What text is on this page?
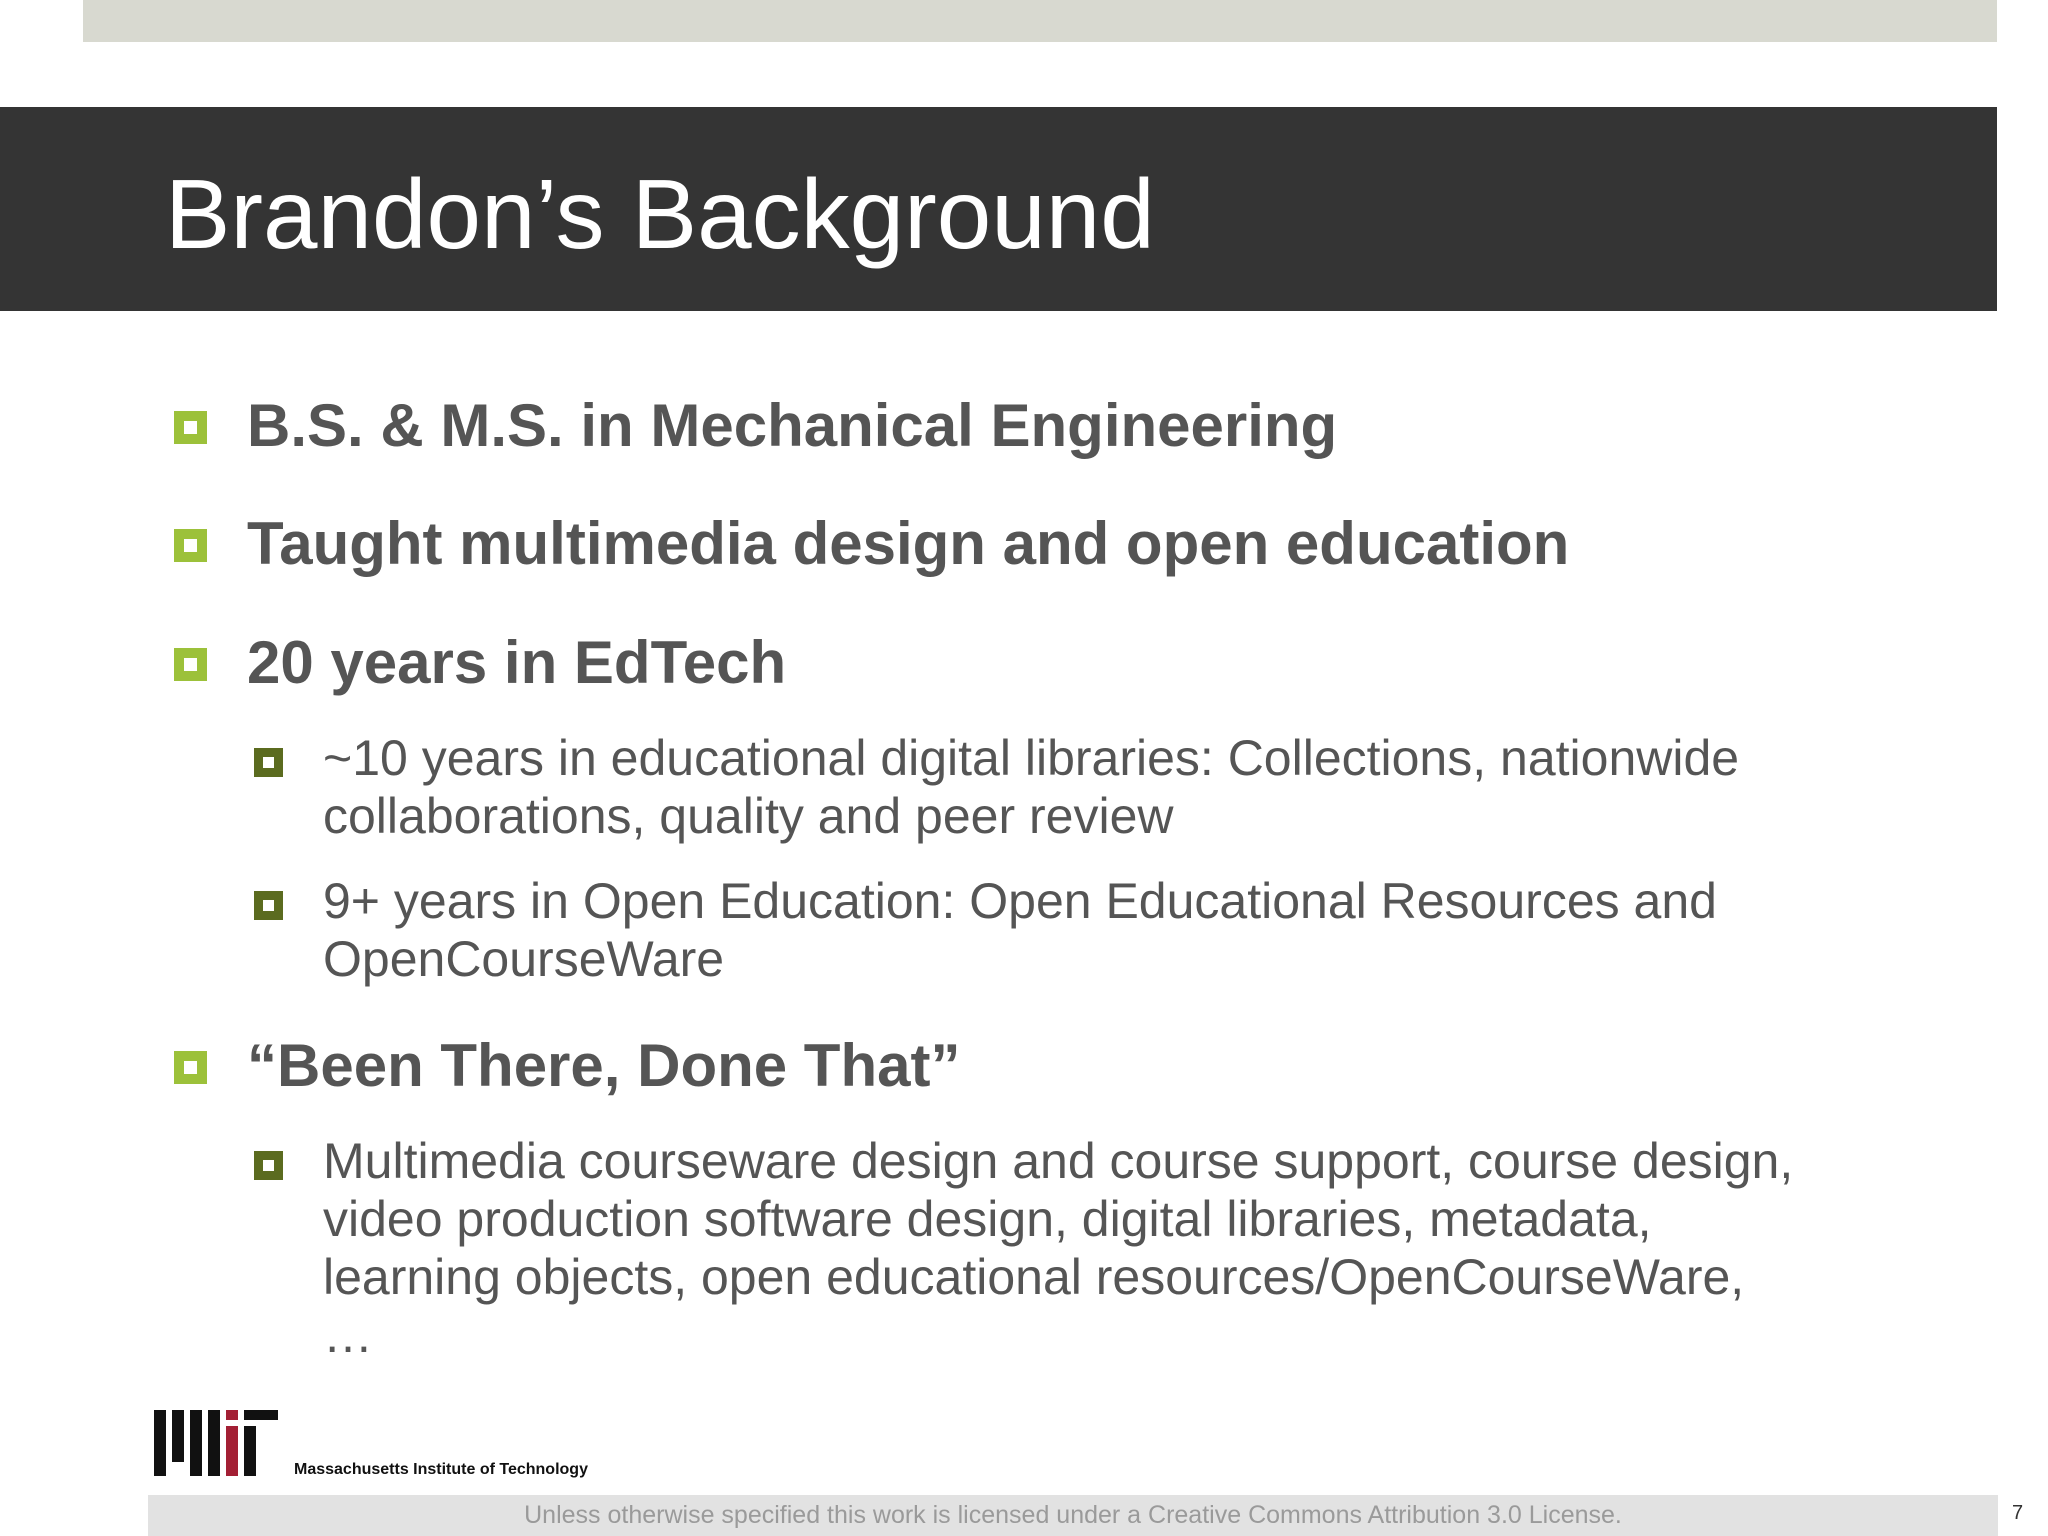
Brandon’s Background
B.S. & M.S. in Mechanical Engineering
Taught multimedia design and open education
20 years in EdTech
~10 years in educational digital libraries: Collections, nationwide
collaborations, quality and peer review
9+ years in Open Education: Open Educational Resources and
OpenCourseWare
“Been There, Done That”
Multimedia courseware design and course support, course design,
video production software design, digital libraries, metadata,
learning objects, open educational resources/OpenCourseWare,
…
Massachusetts Institute of Technology
Unless otherwise specified this work is licensed under a Creative Commons Attribution 3.0 License.	7
